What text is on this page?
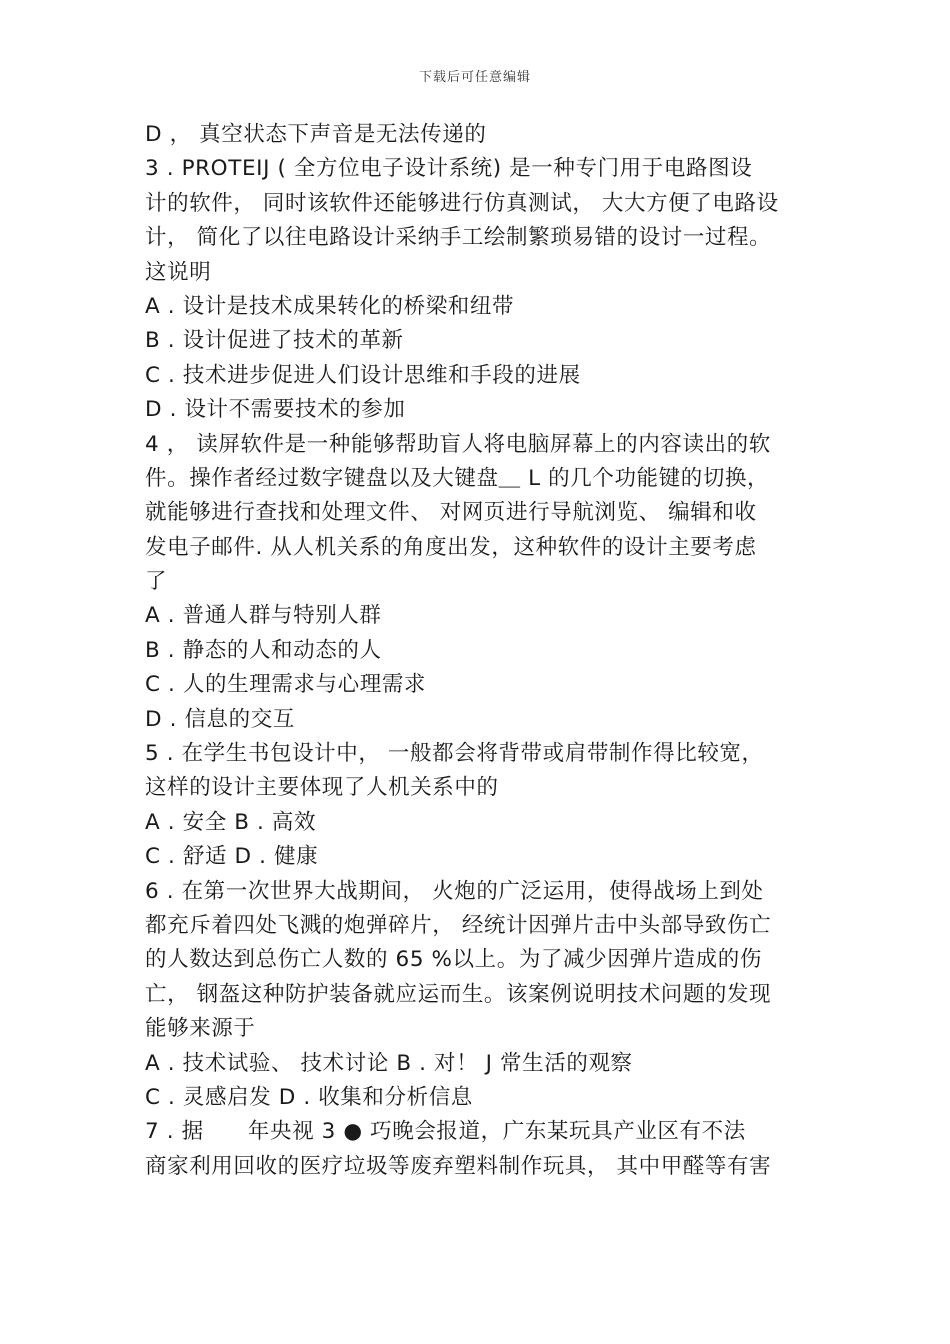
下载后可任意编辑
D ， 真空状态下声音是无法传递的
3 . PROTEIJ ( 全方位电子设计系统) 是一种专门用于电路图设
计的软件， 同时该软件还能够进行仿真测试， 大大方便了电路设
计， 简化了以往电路设计采纳手工绘制繁琐易错的设讨一过程。
这说明
A . 设计是技术成果转化的桥梁和纽带
B . 设计促进了技术的革新
C . 技术进步促进人们设计思维和手段的进展
D . 设计不需要技术的参加
4 ， 读屏软件是一种能够帮助盲人将电脑屏幕上的内容读出的软
件。操作者经过数字键盘以及大键盘＿ L 的几个功能键的切换，
就能够进行查找和处理文件、 对网页进行导航浏览、 编辑和收
发电子邮件. 从人机关系的角度出发，这种软件的设计主要考虑
了
A . 普通人群与特别人群
B . 静态的人和动态的人
C . 人的生理需求与心理需求
D . 信息的交互
5 . 在学生书包设计中， 一般都会将背带或肩带制作得比较宽，
这样的设计主要体现了人机关系中的
A . 安全 B . 高效
C . 舒适 D . 健康
6 . 在第一次世界大战期间， 火炮的广泛运用，使得战场上到处
都充斥着四处飞溅的炮弹碎片， 经统计因弹片击中头部导致伤亡
的人数达到总伤亡人数的 65 %以上。为了减少因弹片造成的伤
亡， 钢盔这种防护装备就应运而生。该案例说明技术问题的发现
能够来源于
A . 技术试验、 技术讨论 B . 对！ J 常生活的观察
C . 灵感启发 D . 收集和分析信息
7 . 据　　年央视 3 ● 巧晚会报道，广东某玩具产业区有不法
商家利用回收的医疗垃圾等废弃塑料制作玩具， 其中甲醛等有害
